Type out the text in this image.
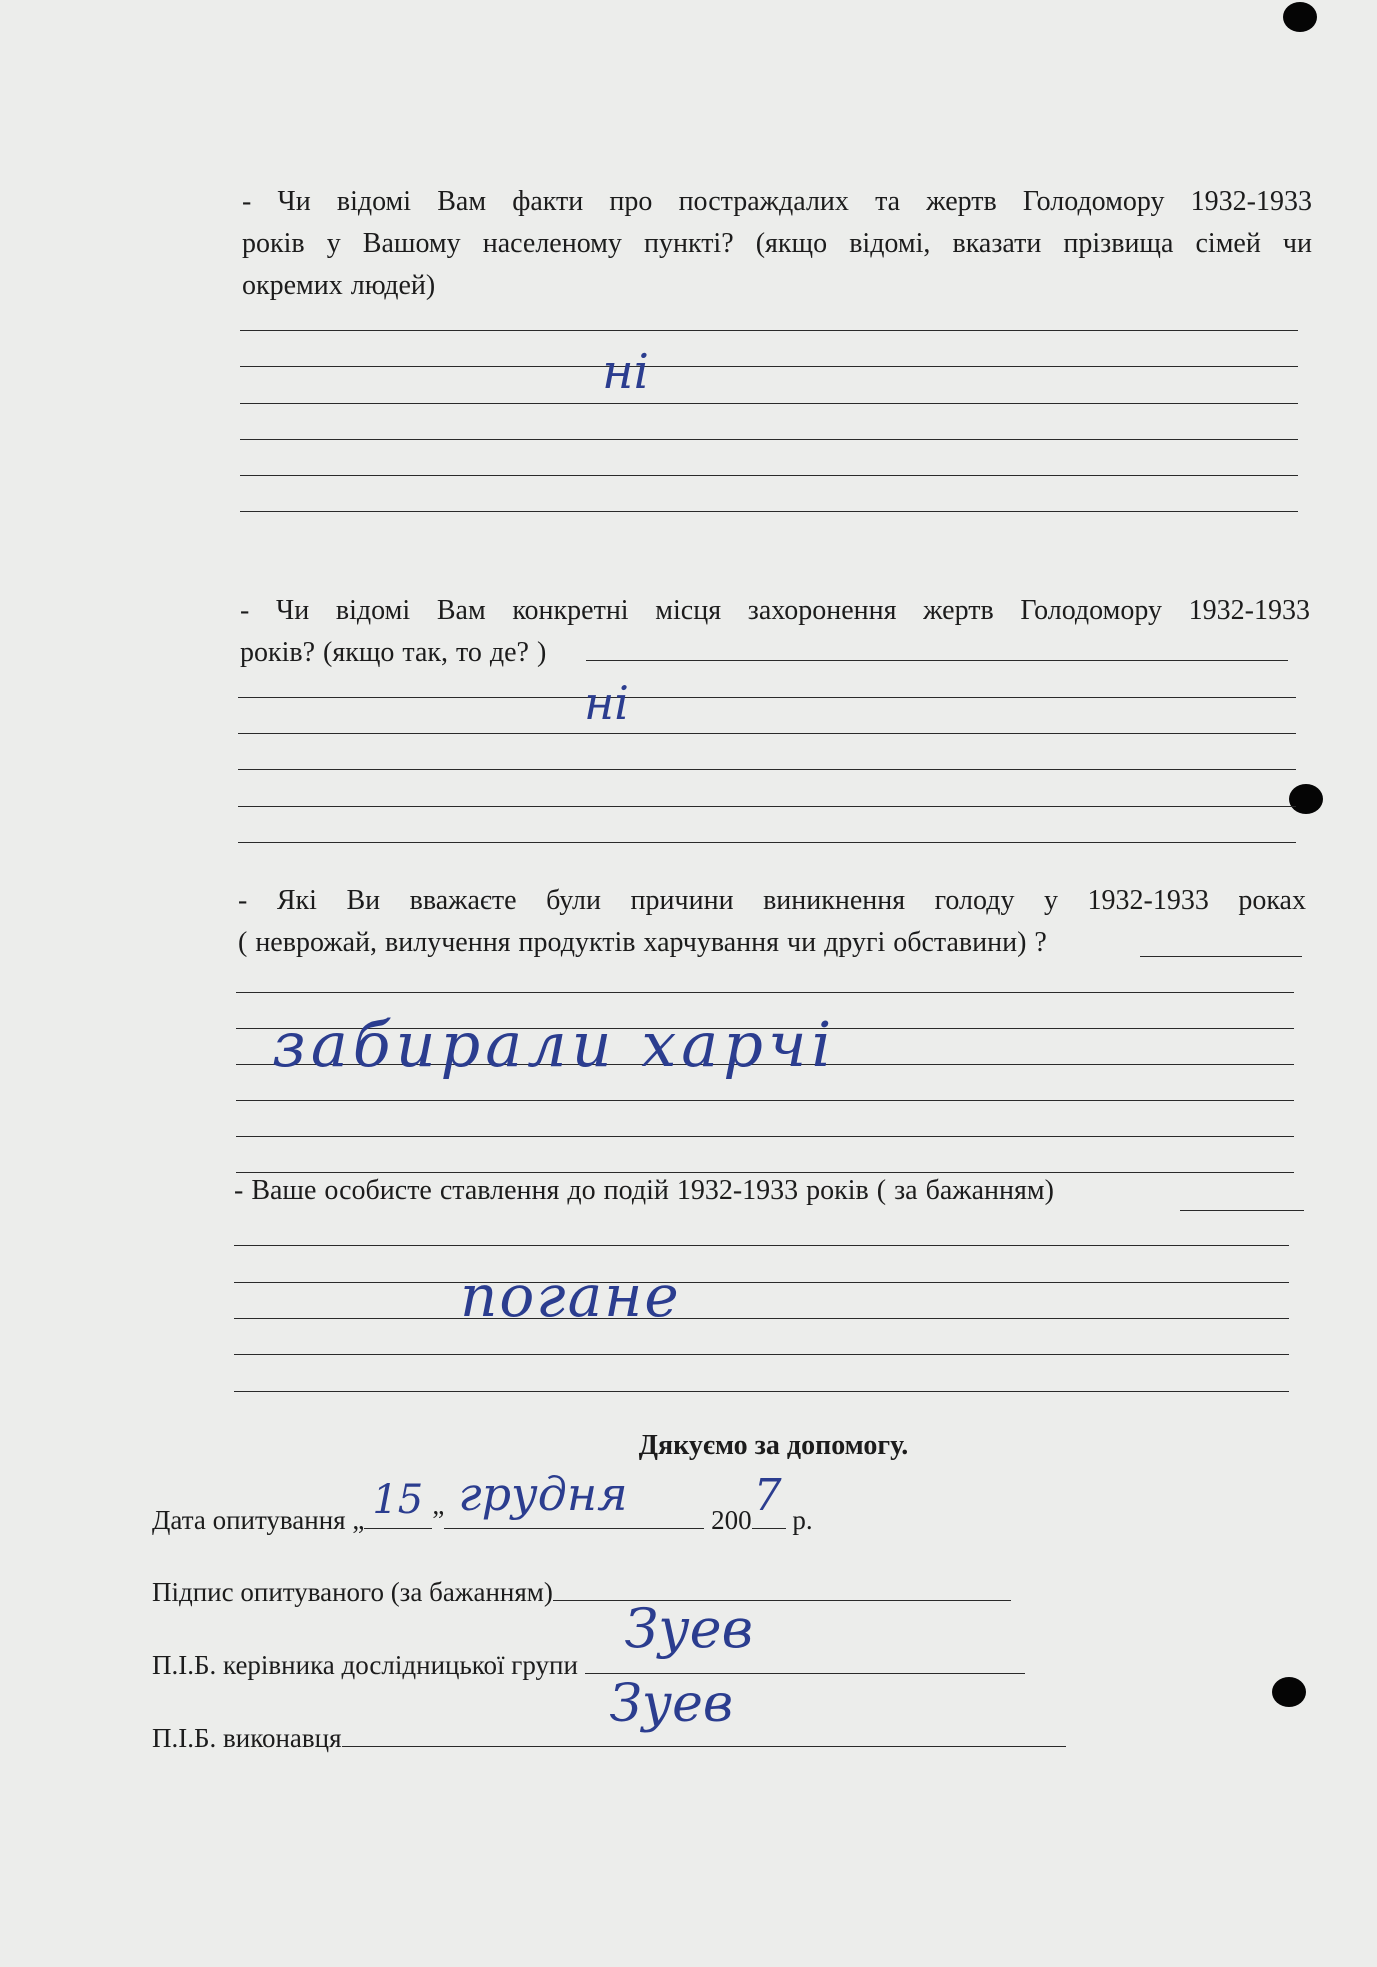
- Чи відомі Вам факти про постраждалих та жертв Голодомору 1932-1933

років у Вашому населеному пункті? (якщо відомі, вказати прізвища сімей чи

окремих людей)

ні

- Чи відомі Вам конкретні місця захоронення жертв Голодомору 1932-1933

років? (якщо так, то де? )

ні

- Які Ви вважаєте були причини виникнення голоду у 1932-1933 роках

( неврожай, вилучення продуктів харчування чи другі обставини) ?

забирали харчі

- Ваше особисте ставлення до подій 1932-1933 років ( за бажанням)

погане
Дякуємо за допомогу.
Дата опитування „ 15 ” грудня	200 7 р.
Підпис опитуваного (за бажанням)
П.І.Б. керівника дослідницької групи
Зуев
П.І.Б. виконавця
Зуев
